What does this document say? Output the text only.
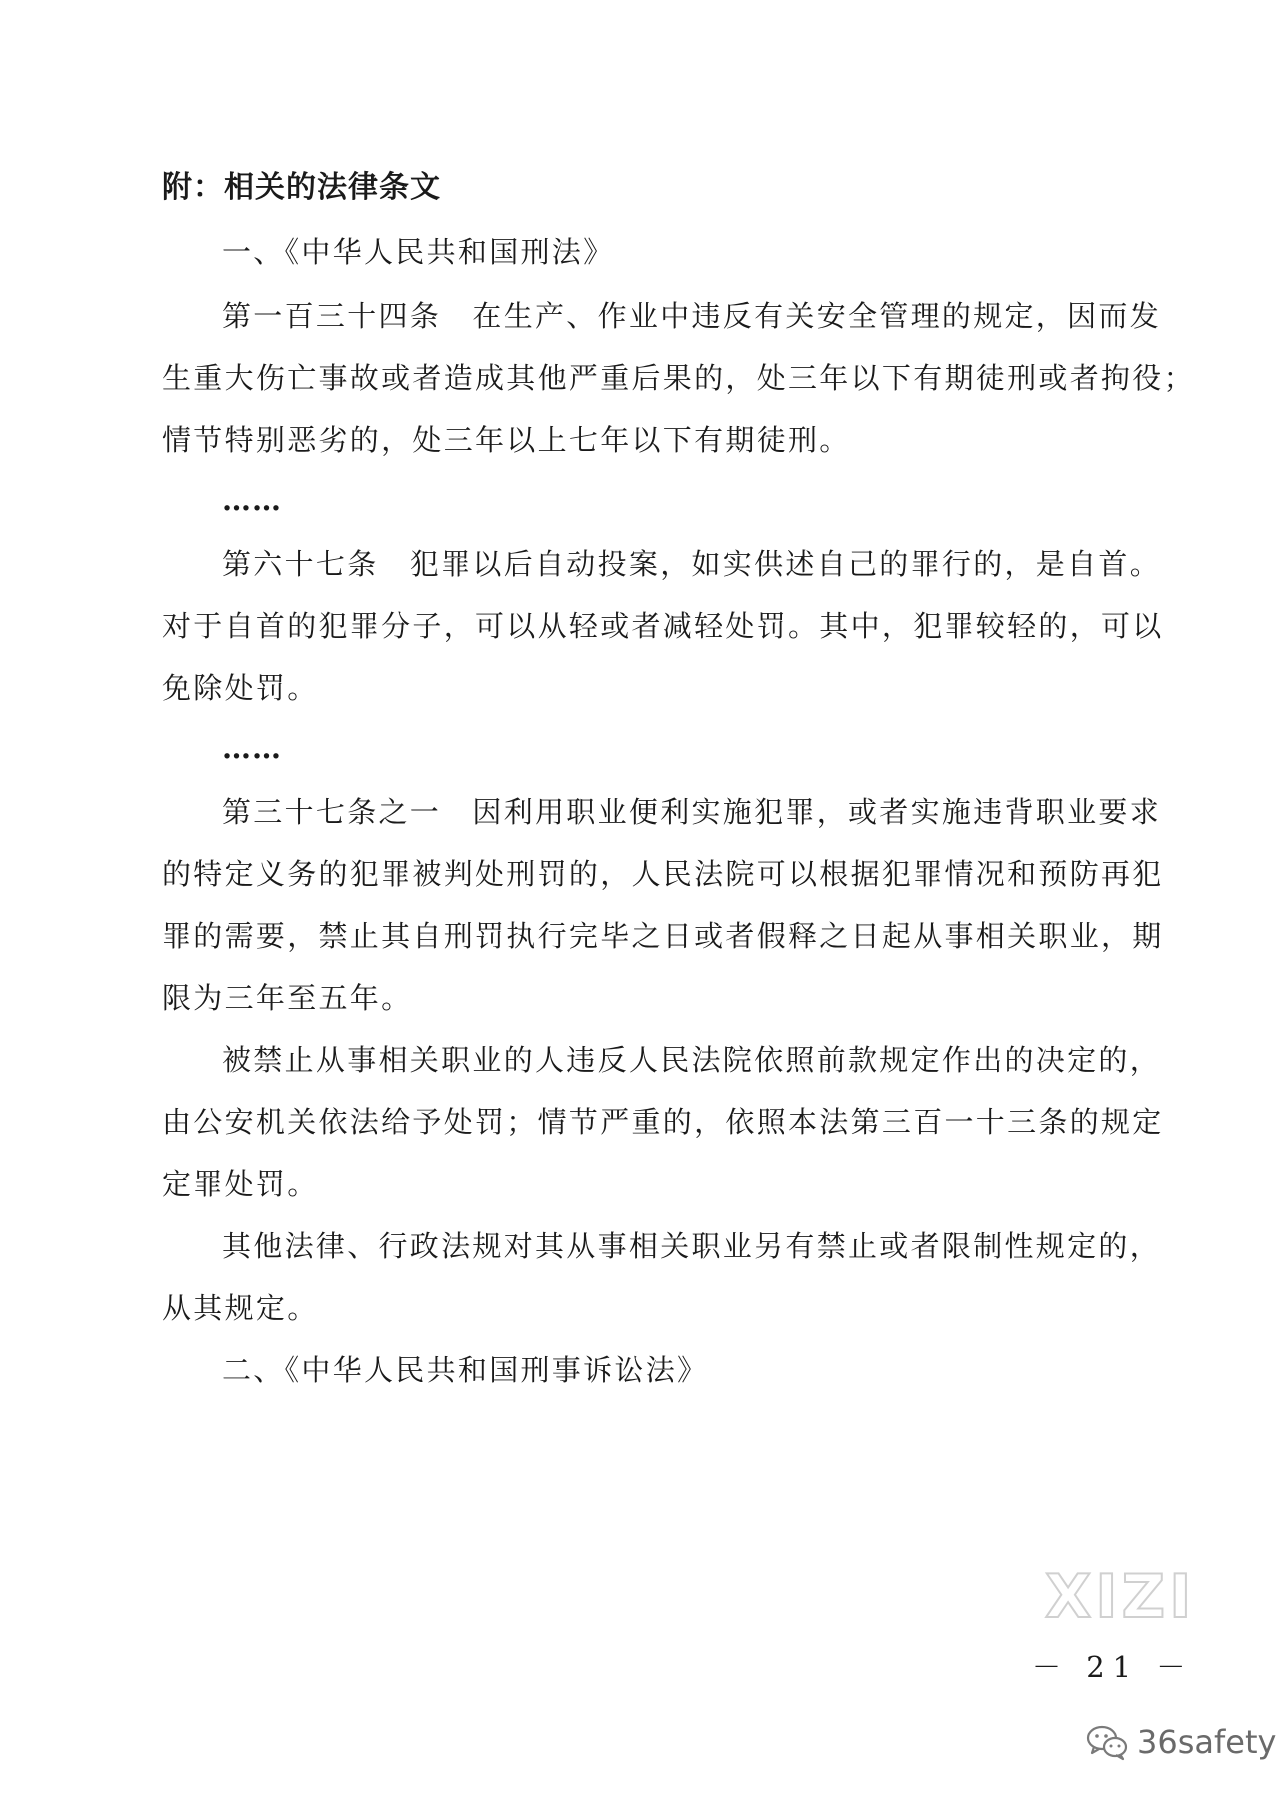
附：相关的法律条文
一、《中华人民共和国刑法》
第一百三十四条　在生产、作业中违反有关安全管理的规定，因而发
生重大伤亡事故或者造成其他严重后果的，处三年以下有期徒刑或者拘役；
情节特别恶劣的，处三年以上七年以下有期徒刑。
……
第六十七条　犯罪以后自动投案，如实供述自己的罪行的，是自首。
对于自首的犯罪分子，可以从轻或者减轻处罚。其中，犯罪较轻的，可以
免除处罚。
……
第三十七条之一　因利用职业便利实施犯罪，或者实施违背职业要求
的特定义务的犯罪被判处刑罚的，人民法院可以根据犯罪情况和预防再犯
罪的需要，禁止其自刑罚执行完毕之日或者假释之日起从事相关职业，期
限为三年至五年。
被禁止从事相关职业的人违反人民法院依照前款规定作出的决定的，
由公安机关依法给予处罚；情节严重的，依照本法第三百一十三条的规定
定罪处罚。
其他法律、行政法规对其从事相关职业另有禁止或者限制性规定的，
从其规定。
二、《中华人民共和国刑事诉讼法》
－ 21 －
XIZI
36safety
